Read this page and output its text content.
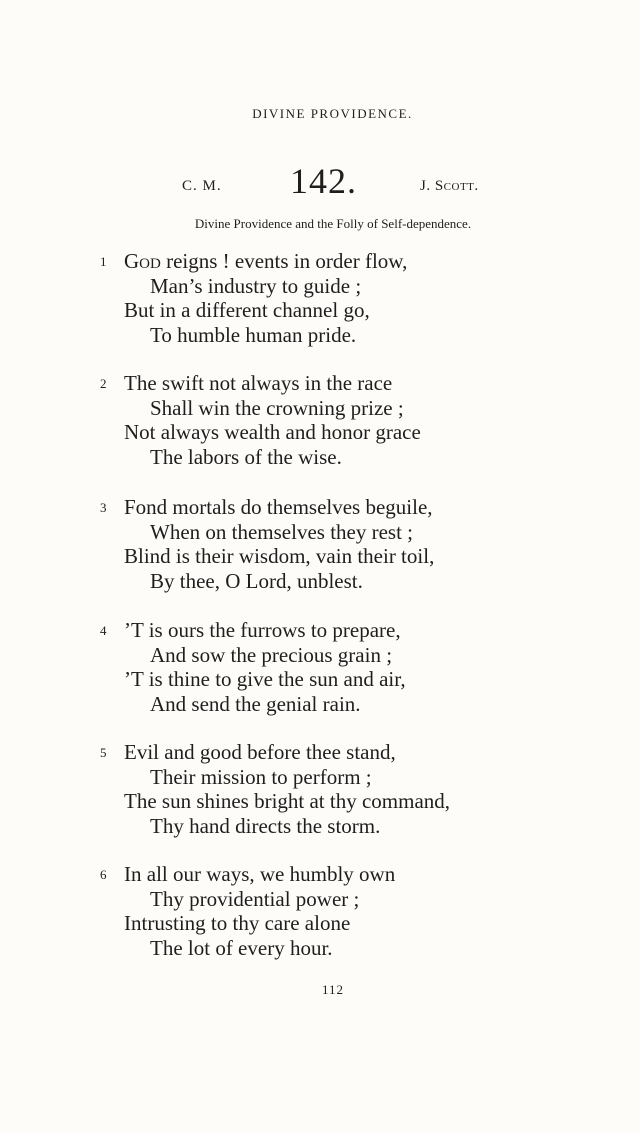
DIVINE PROVIDENCE.
C. M. 142.	J. Scott.
Divine Providence and the Folly of Self-dependence.
1 God reigns ! events in order flow,
Man’s industry to guide ;
But in a different channel go,
To humble human pride.
2 The swift not always in the race
Shall win the crowning prize ;
Not always wealth and honor grace
The labors of the wise.
3 Fond mortals do themselves beguile,
When on themselves they rest ;
Blind is their wisdom, vain their toil,
By thee, O Lord, unblest.
4 ’T is ours the furrows to prepare,
And sow the precious grain ;
’T is thine to give the sun and air,
And send the genial rain.
5 Evil and good before thee stand,
Their mission to perform ;
The sun shines bright at thy command,
Thy hand directs the storm.
6 In all our ways, we humbly own
Thy providential power ;
Intrusting to thy care alone
The lot of every hour.
112
